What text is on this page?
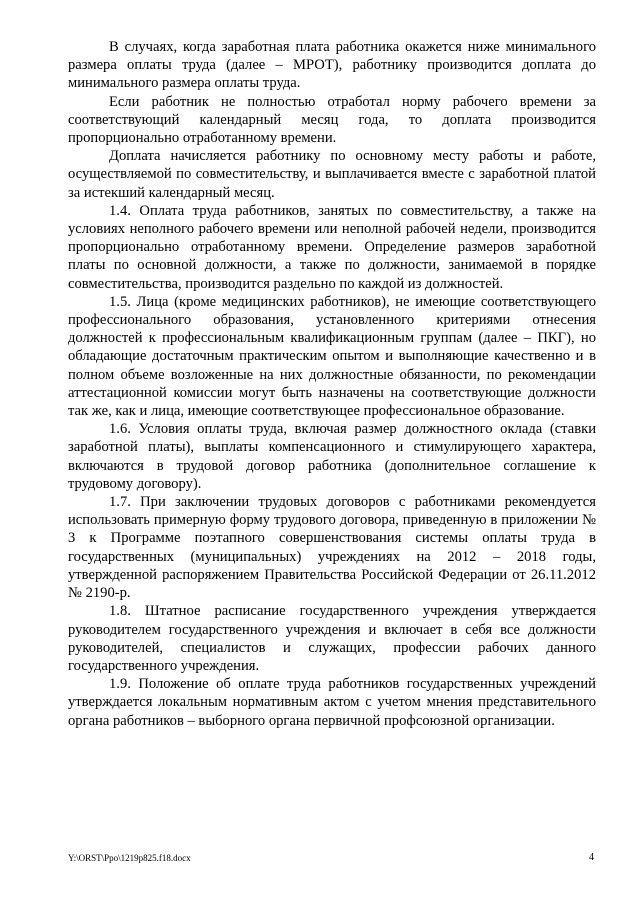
В случаях, когда заработная плата работника окажется ниже минимального размера оплаты труда (далее – МРОТ), работнику производится доплата до минимального размера оплаты труда.

Если работник не полностью отработал норму рабочего времени за соответствующий календарный месяц года, то доплата производится пропорционально отработанному времени.

Доплата начисляется работнику по основному месту работы и работе, осуществляемой по совместительству, и выплачивается вместе с заработной платой за истекший календарный месяц.

1.4. Оплата труда работников, занятых по совместительству, а также на условиях неполного рабочего времени или неполной рабочей недели, производится пропорционально отработанному времени. Определение размеров заработной платы по основной должности, а также по должности, занимаемой в порядке совместительства, производится раздельно по каждой из должностей.

1.5. Лица (кроме медицинских работников), не имеющие соответствующего профессионального образования, установленного критериями отнесения должностей к профессиональным квалификационным группам (далее – ПКГ), но обладающие достаточным практическим опытом и выполняющие качественно и в полном объеме возложенные на них должностные обязанности, по рекомендации аттестационной комиссии могут быть назначены на соответствующие должности так же, как и лица, имеющие соответствующее профессиональное образование.

1.6. Условия оплаты труда, включая размер должностного оклада (ставки заработной платы), выплаты компенсационного и стимулирующего характера, включаются в трудовой договор работника (дополнительное соглашение к трудовому договору).

1.7. При заключении трудовых договоров с работниками рекомендуется использовать примерную форму трудового договора, приведенную в приложении № 3 к Программе поэтапного совершенствования системы оплаты труда в государственных (муниципальных) учреждениях на 2012 – 2018 годы, утвержденной распоряжением Правительства Российской Федерации от 26.11.2012 № 2190-р.

1.8. Штатное расписание государственного учреждения утверждается руководителем государственного учреждения и включает в себя все должности руководителей, специалистов и служащих, профессии рабочих данного государственного учреждения.

1.9. Положение об оплате труда работников государственных учреждений утверждается локальным нормативным актом с учетом мнения представительного органа работников – выборного органа первичной профсоюзной организации.

Y:\ORST\Ppo\1219p825.f18.docx	4
